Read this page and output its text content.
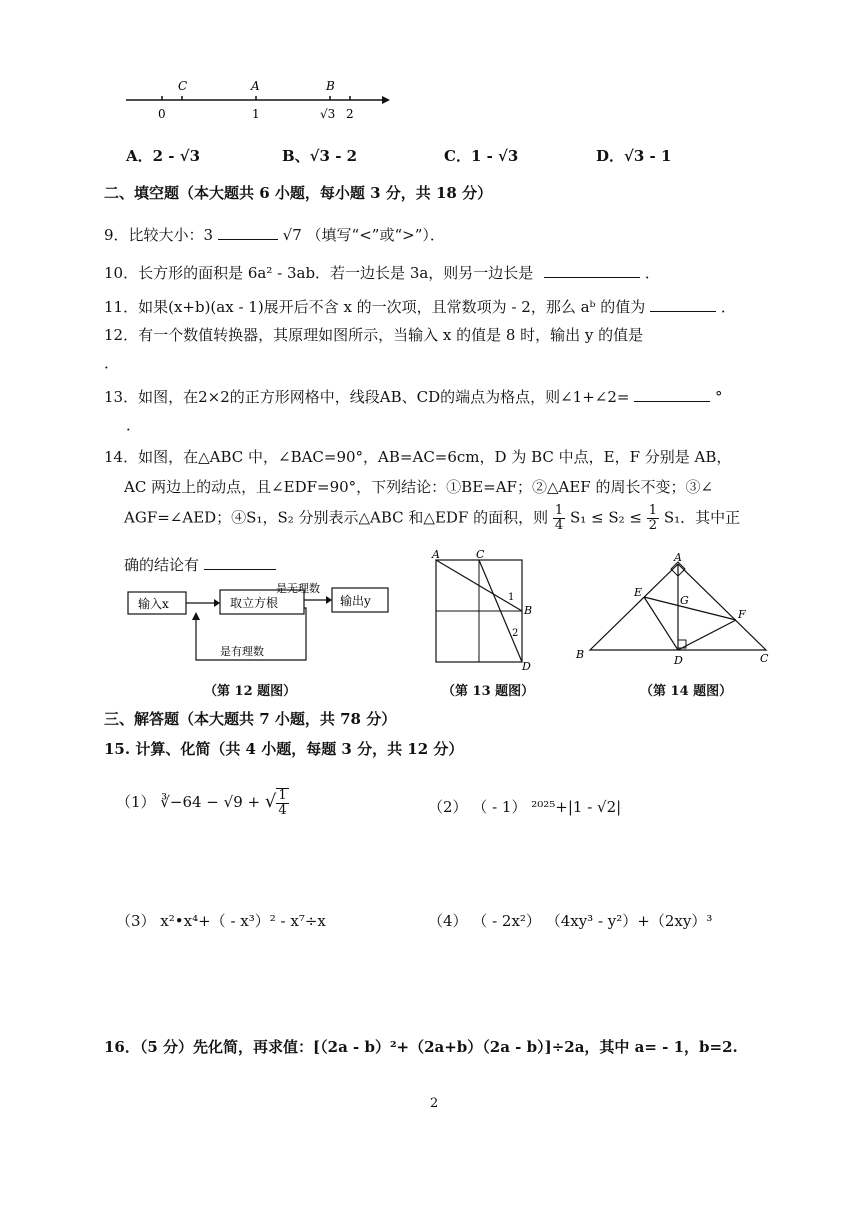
C	A	B
0	1	√3 2
A．2 - √3	B、√3 - 2	C．1 - √3	D．√3 - 1
二、填空题（本大题共 6 小题，每小题 3 分，共 18 分）
9．比较大小：3	√7 （填写“<”或“>”）．
10．长方形的面积是 6a² - 3ab．若一边长是 3a，则另一边长是	．
11．如果(x+b)(ax - 1)展开后不含 x 的一次项，且常数项为 - 2，那么 aᵇ 的值为	．
12．有一个数值转换器，其原理如图所示，当输入 x 的值是 8 时，输出 y 的值是
．
13．如图，在2×2的正方形网格中，线段AB、CD的端点为格点，则∠1+∠2=	°
．
14．如图，在△ABC 中，∠BAC=90°，AB=AC=6cm，D 为 BC 中点，E，F 分别是 AB，
AC 两边上的动点，且∠EDF=90°，下列结论：①BE=AF；②△AEF 的周长不变；③∠
AGF=∠AED；④S₁，S₂ 分别表示△ABC 和△EDF 的面积，则 $\frac{1}{4} S_1 \le S_2 \le \frac{1}{2} S_1$．其中正
确的结论有
输入x	取立方根
是无理数
输出y
是有理数
A	C
B
D
1
2
A
E
G
F
B	D	C
（第 12 题图）	（第 13 题图）	（第 14 题图）
三、解答题（本大题共 7 小题，共 78 分）
15. 计算、化简（共 4 小题，每题 3 分，共 12 分）
（1） ∛−64 − √9 + √ $\frac{1}{4}$	（2） （ - 1） ²⁰²⁵+|1 - √2|
（3） x²•x⁴+（ - x³）² - x⁷÷x	（4） （ - 2x²） （4xy³ - y²）+（2xy）³
16．（5 分）先化简，再求值：[（2a - b）²+（2a+b）（2a - b）]÷2a，其中 a= - 1，b=2.
2
